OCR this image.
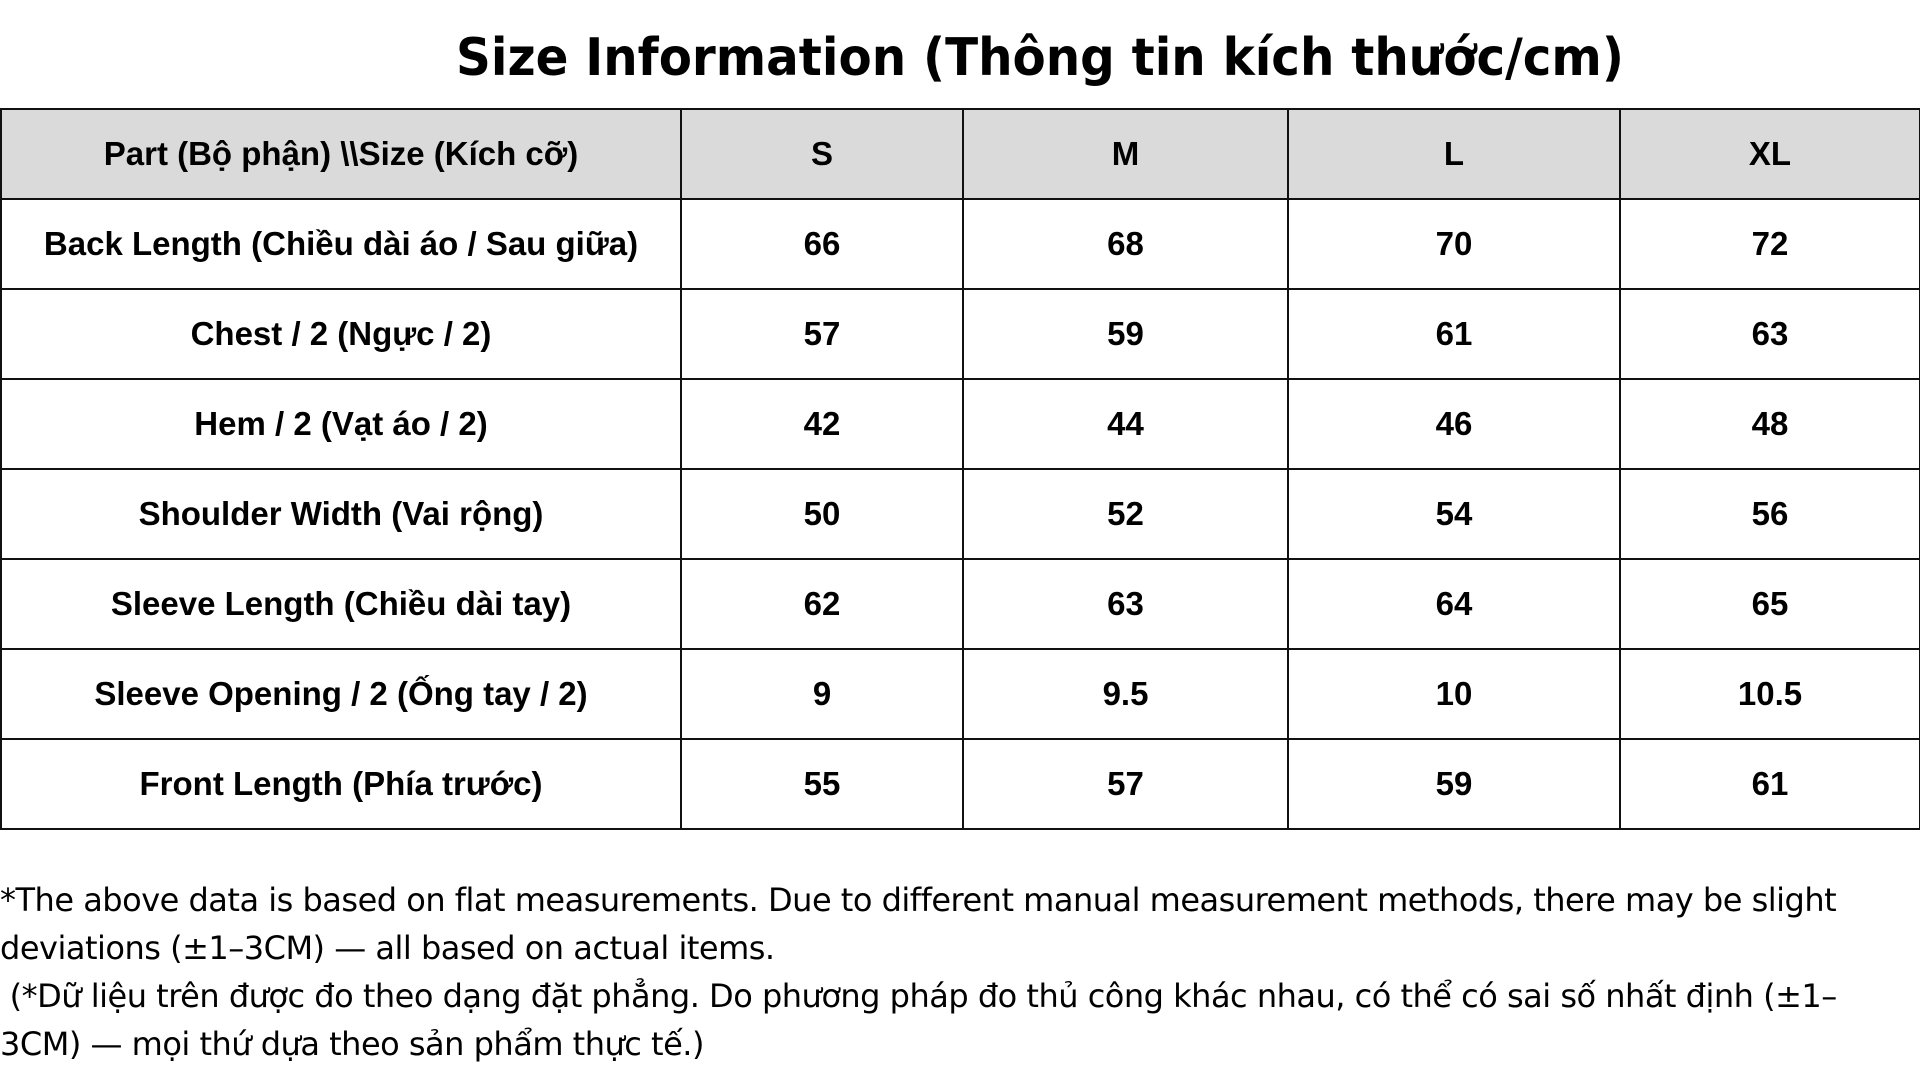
Size Information (Thông tin kích thước/cm)
Part (Bộ phận) \\Size (Kích cỡ)	S	M	L	XL
Back Length (Chiều dài áo / Sau giữa)	66	68	70	72
Chest / 2 (Ngực / 2)	57	59	61	63
Hem / 2 (Vạt áo / 2)	42	44	46	48
Shoulder Width (Vai rộng)	50	52	54	56
Sleeve Length (Chiều dài tay)	62	63	64	65
Sleeve Opening / 2 (Ống tay / 2)	9	9.5	10	10.5
Front Length (Phía trước)	55	57	59	61
*The above data is based on flat measurements. Due to different manual measurement methods, there may be slight deviations (±1–3CM) — all based on actual items.
(*Dữ liệu trên được đo theo dạng đặt phẳng. Do phương pháp đo thủ công khác nhau, có thể có sai số nhất định (±1–3CM) — mọi thứ dựa theo sản phẩm thực tế.)
